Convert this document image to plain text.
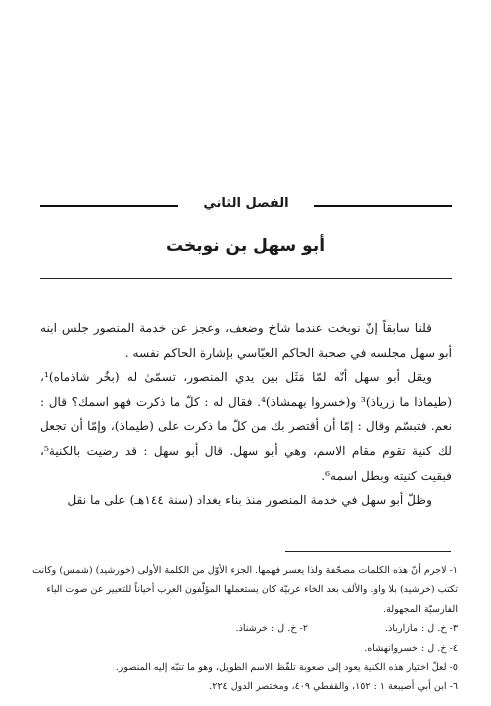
الفصل الثاني
أبو سهل بن نوبخت

قلنا سابقاً إنّ نوبخت عندما شاخ وضعف، وعجز عن خدمة المنصور جلس ابنه أبو سهل مجلسه في صحبة الحاكم العبّاسي بإشارة الحاكم نفسه .

ويقل أبو سهل أنّه لمّا مَثَل بين يدي المنصور، تسمّىٰ له (بخُر شاذماه)¹، (طيماذا ما زرياذ)³ و(خسروا بهمشاذ)⁴. فقال له : كلّ ما ذكرت فهو اسمك؟ قال : نعم. فتبسّم وقال : إمّا أن أقتصر بك من كلّ ما ذكرت على (طيماذ)، وإمّا أن تجعل لك كنية تقوم مقام الاسم، وهي أبو سهل. قال أبو سهل : قد رضيت بالكنية⁵، فبقيت كنيته وبطل اسمه⁶.

وظلّ أبو سهل في خدمة المنصور منذ بناء بغداد (سنة ١٤٤هـ) على ما نقل

١- لاجرم أنّ هذه الكلمات مصحّفة ولذا يعسر فهمها. الجزء الأوّل من الكلمة الأولى (خورشيد) (شمس) وكانت تكتب (خرشيد) بلا واو. والألف بعد الخاء عربيّة كان يستعملها المؤلّفون العرب أحياناً للتعبير عن صوت الياء الفارسيّة المجهولة.

٣- خ. ل : مازارباذ.

٢- خ. ل : خرشناذ.

٤- خ. ل : خسروانهشاه.

٥- لعلّ اختيار هذه الكنية يعود إلى صعوبة تلفّظ الاسم الطويل، وهو ما تنبّه إليه المنصور.

٦- ابن أبي أصيبعة ١ : ١٥٢، والقفطي ٤٠٩، ومختصر الدول ٢٢٤.
